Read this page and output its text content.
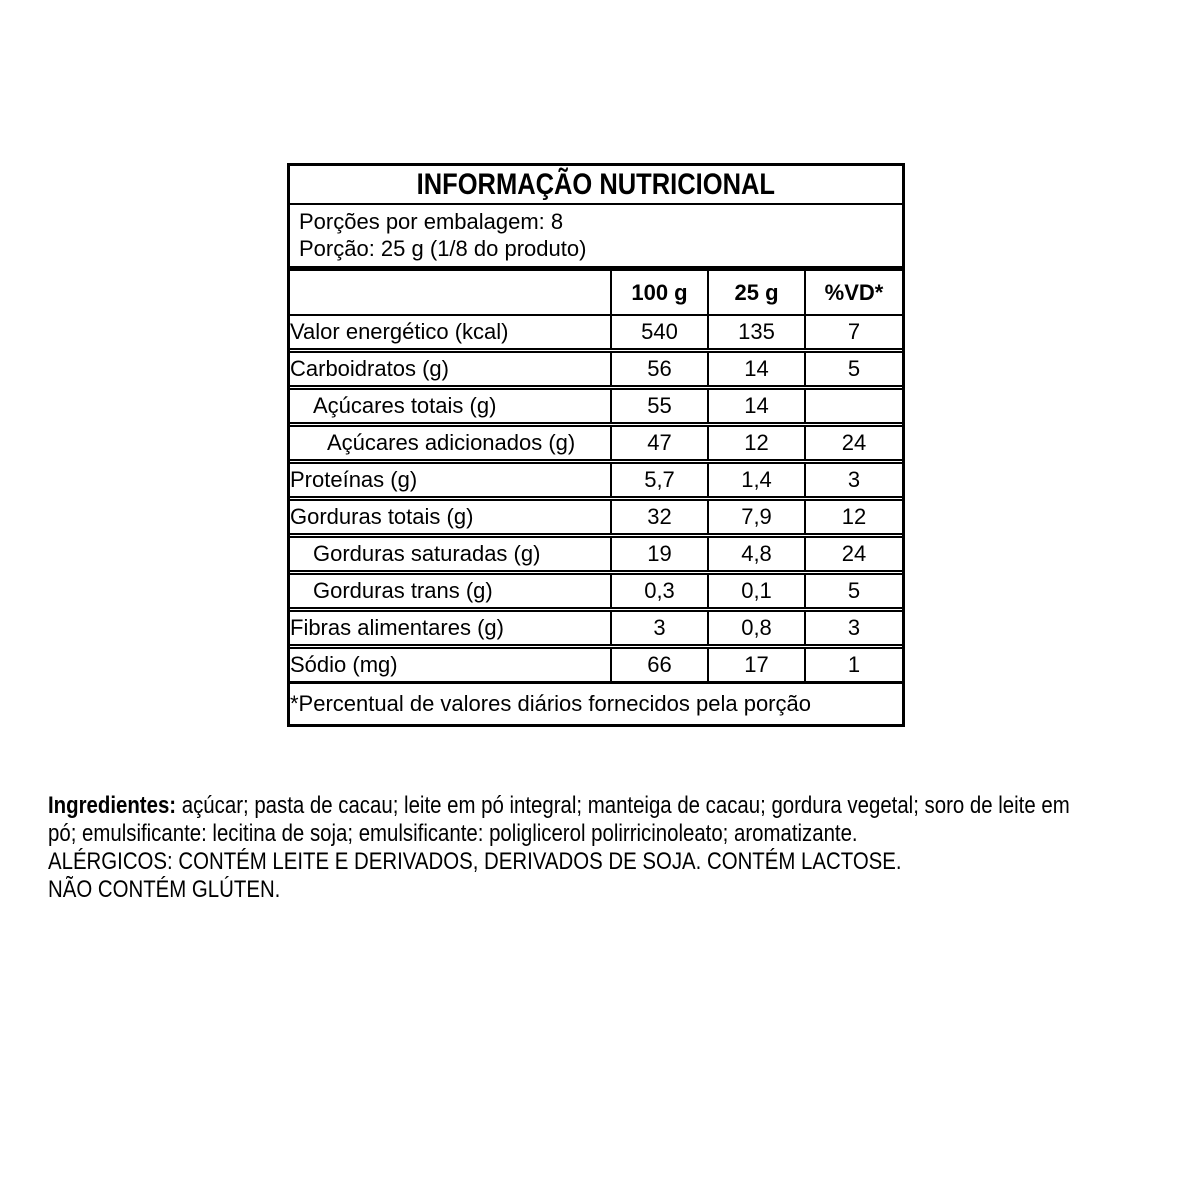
INFORMAÇÃO NUTRICIONAL
Porções por embalagem: 8
Porção: 25 g (1/8 do produto)
	100 g	25 g	%VD*
Valor energético (kcal)	540	135	7
Carboidratos (g)	56	14	5
Açúcares totais (g)	55	14	
Açúcares adicionados (g)	47	12	24
Proteínas (g)	5,7	1,4	3
Gorduras totais (g)	32	7,9	12
Gorduras saturadas (g)	19	4,8	24
Gorduras trans (g)	0,3	0,1	5
Fibras alimentares (g)	3	0,8	3
Sódio (mg)	66	17	1
*Percentual de valores diários fornecidos pela porção			
Ingredientes: açúcar; pasta de cacau; leite em pó integral; manteiga de cacau; gordura vegetal; soro de leite em
pó; emulsificante: lecitina de soja; emulsificante: poliglicerol polirricinoleato; aromatizante.
ALÉRGICOS: CONTÉM LEITE E DERIVADOS, DERIVADOS DE SOJA. CONTÉM LACTOSE.
NÃO CONTÉM GLÚTEN.
